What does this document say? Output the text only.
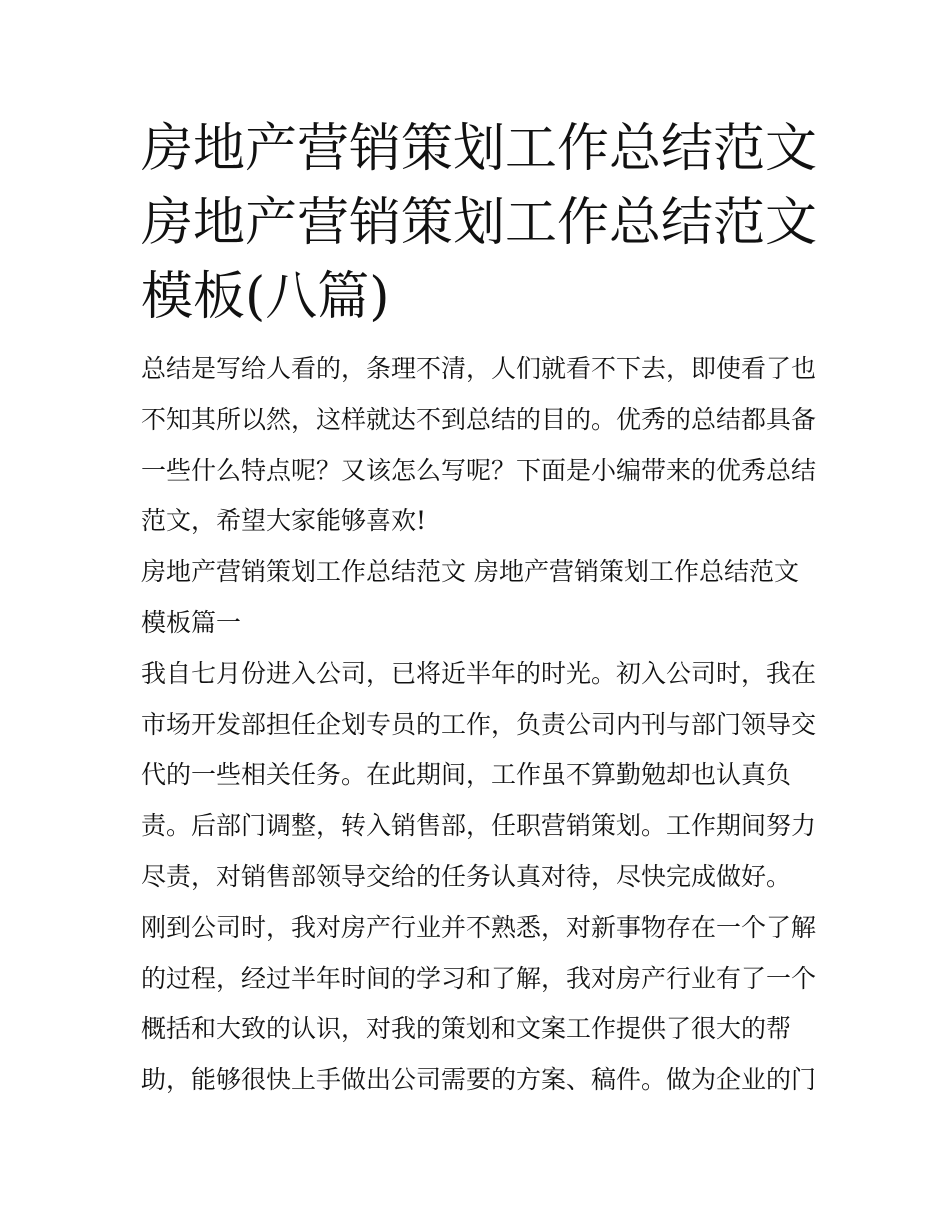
房地产营销策划工作总结范文 房地产营销策划工作总结范文模板(八篇)

总结是写给人看的，条理不清，人们就看不下去，即使看了也不知其所以然，这样就达不到总结的目的。优秀的总结都具备一些什么特点呢？又该怎么写呢？下面是小编带来的优秀总结范文，希望大家能够喜欢!

房地产营销策划工作总结范文 房地产营销策划工作总结范文模板篇一

我自七月份进入公司，已将近半年的时光。初入公司时，我在市场开发部担任企划专员的工作，负责公司内刊与部门领导交代的一些相关任务。在此期间，工作虽不算勤勉却也认真负责。后部门调整，转入销售部，任职营销策划。工作期间努力尽责，对销售部领导交给的任务认真对待，尽快完成做好。

刚到公司时，我对房产行业并不熟悉，对新事物存在一个了解的过程，经过半年时间的学习和了解，我对房产行业有了一个概括和大致的认识，对我的策划和文案工作提供了很大的帮助，能够很快上手做出公司需要的方案、稿件。做为企业的门
